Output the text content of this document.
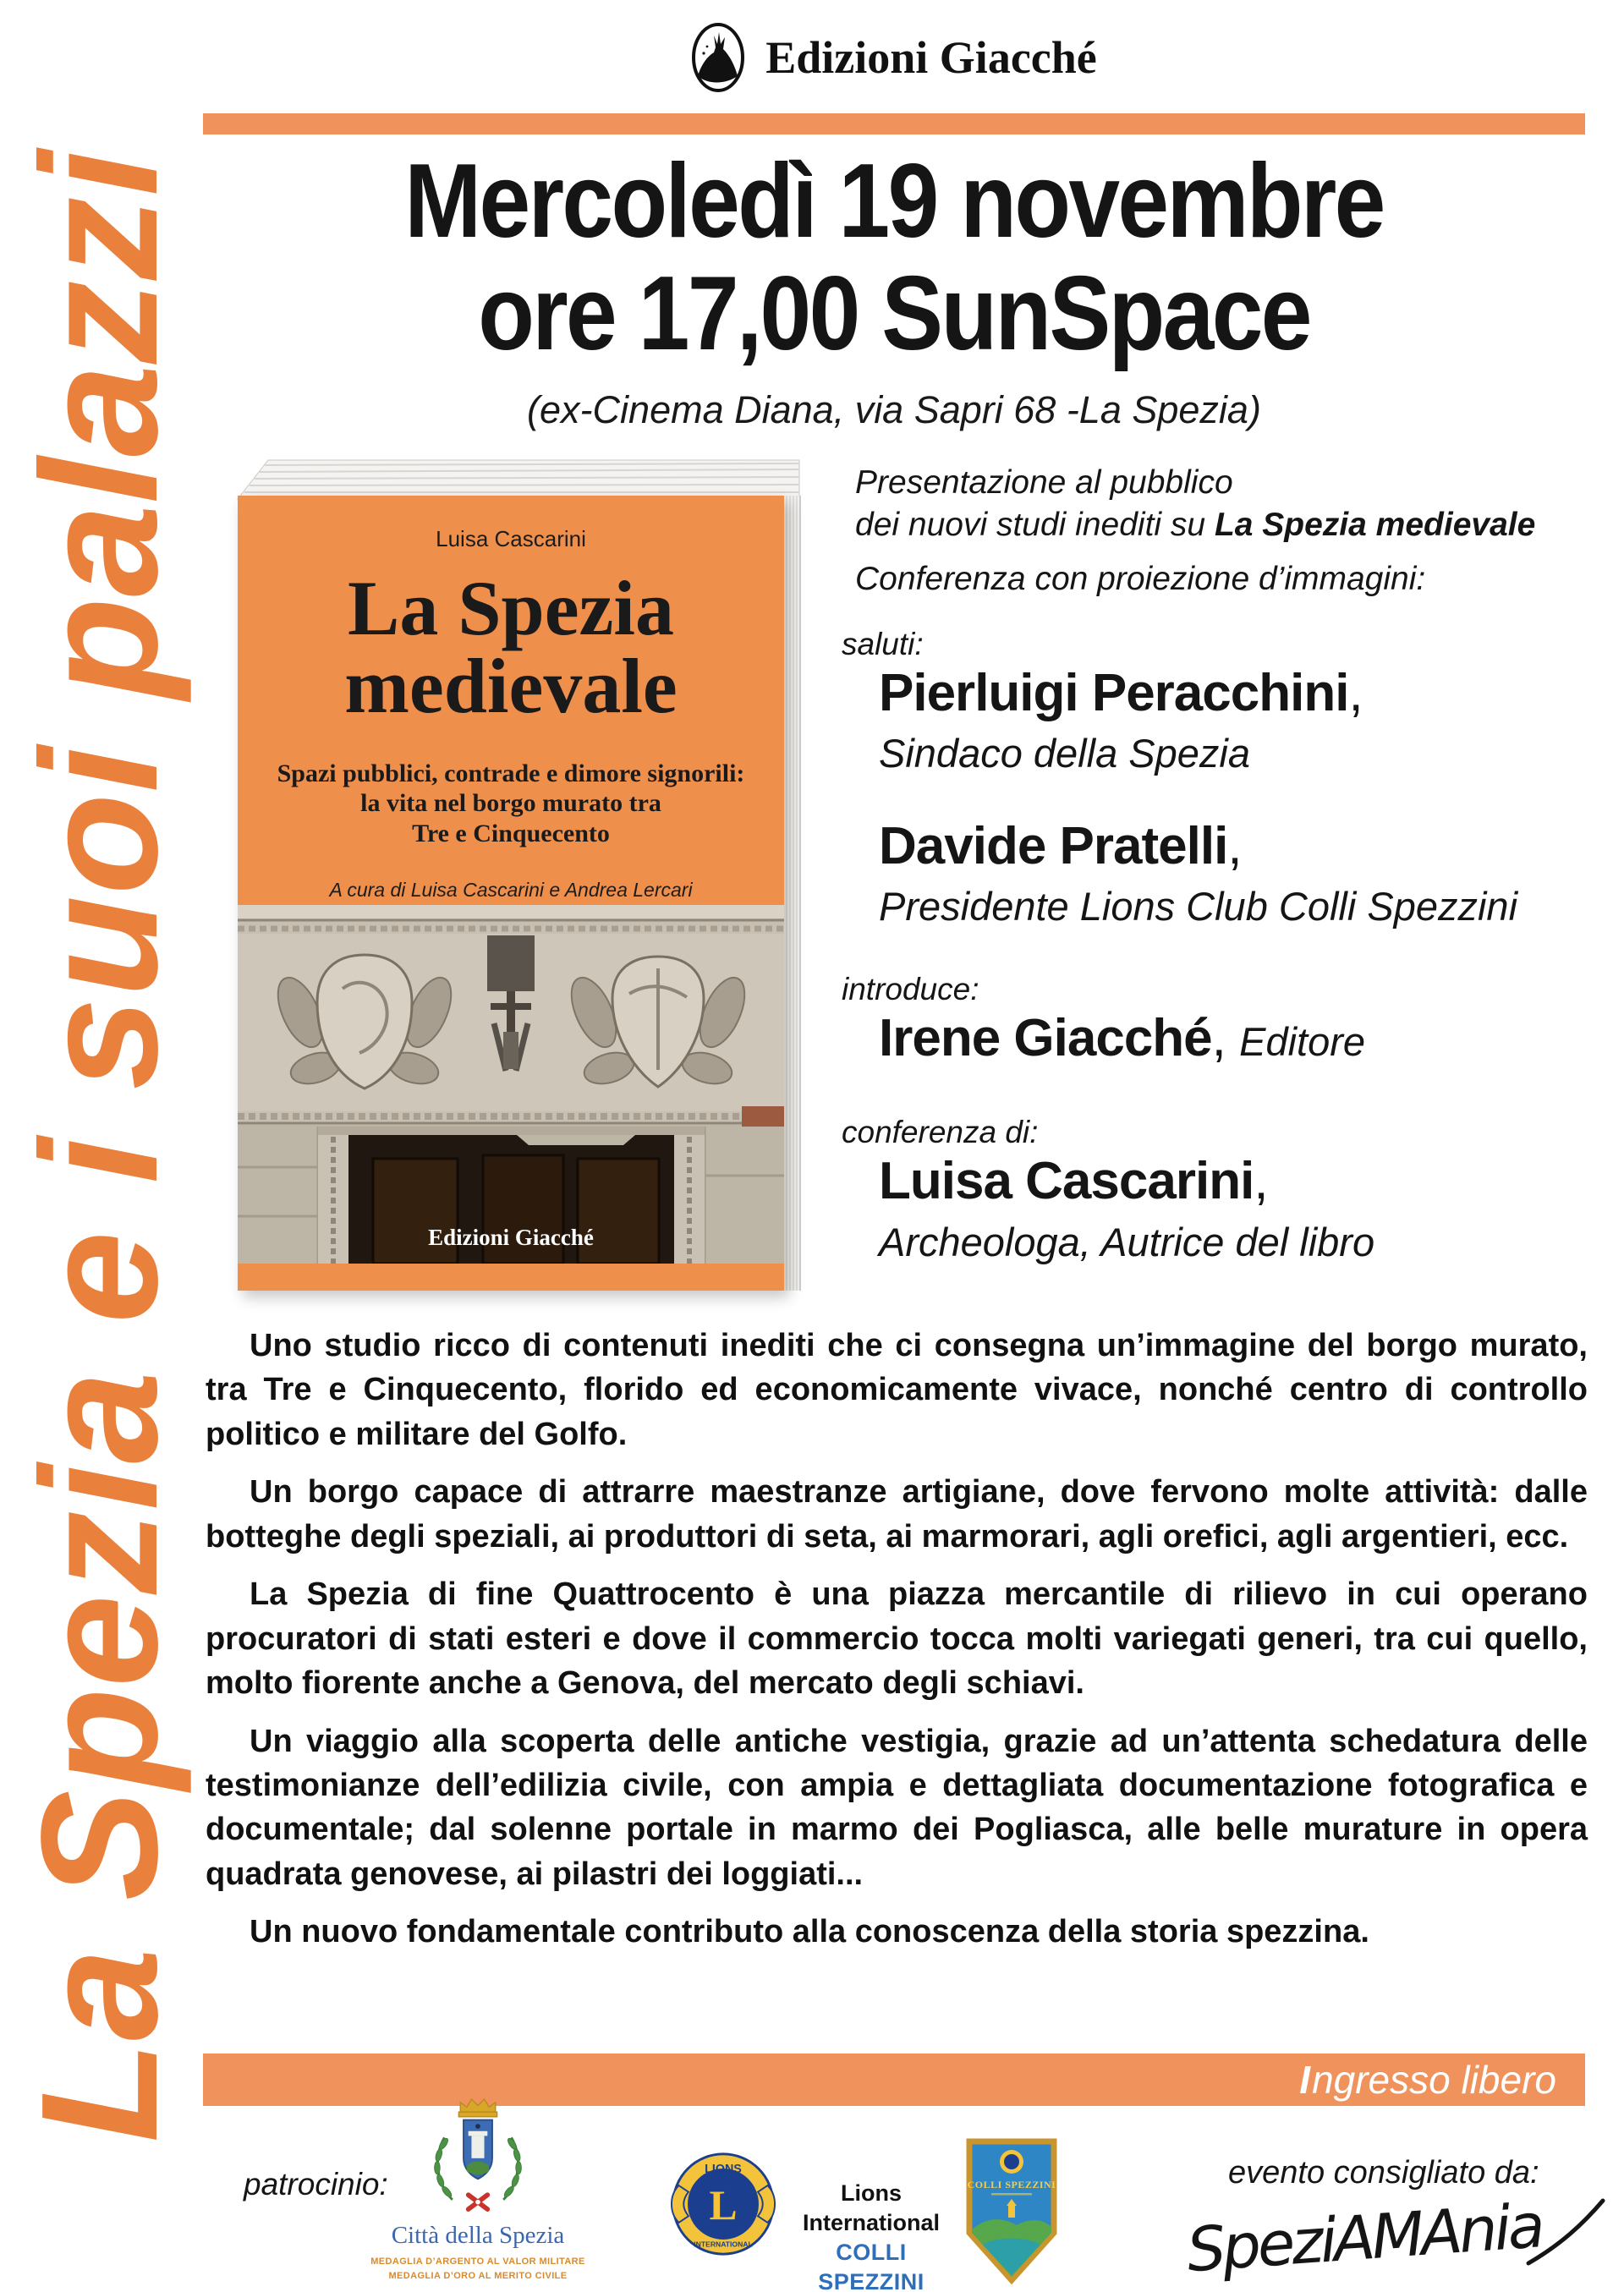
La Spezia e i suoi palazzi
Edizioni Giacché
Mercoledì 19 novembre
ore 17,00 SunSpace
(ex-Cinema Diana, via Sapri 68 -La Spezia)
Luisa Cascarini
La Spezia
medievale
Spazi pubblici, contrade e dimore signorili:
la vita nel borgo murato tra
Tre e Cinquecento
A cura di Luisa Cascarini e Andrea Lercari
Edizioni Giacché

Presentazione al pubblico
dei nuovi studi inediti su La Spezia medievale

Conferenza con proiezione d’immagini:

saluti:

Pierluigi Peracchini,

Sindaco della Spezia

Davide Pratelli,

Presidente Lions Club Colli Spezzini

introduce:

Irene Giacché, Editore

conferenza di:

Luisa Cascarini,

Archeologa, Autrice del libro

Uno studio ricco di contenuti inediti che ci consegna un’immagine del borgo murato, tra Tre e Cinquecento, florido ed economicamente vivace, nonché centro di controllo politico e militare del Golfo.

Un borgo capace di attrarre maestranze artigiane, dove fervono molte attività: dalle botteghe degli speziali, ai produttori di seta, ai marmorari, agli orefici, agli argentieri, ecc.

La Spezia di fine Quattrocento è una piazza mercantile di rilievo in cui operano procuratori di stati esteri e dove il commercio tocca molti variegati generi, tra cui quello, molto fiorente anche a Genova, del mercato degli schiavi.

Un viaggio alla scoperta delle antiche vestigia, grazie ad un’attenta schedatura delle testimonianze dell’edilizia civile, con ampia e dettagliata documentazione fotografica e documentale; dal solenne portale in marmo dei Pogliasca, alle belle murature in opera quadrata genovese, ai pilastri dei loggiati...

Un nuovo fondamentale contributo alla conoscenza della storia spezzina.

I ngresso libero
patrocinio:
Città della Spezia
MEDAGLIA D’ARGENTO AL VALOR MILITARE
MEDAGLIA D’ORO AL MERITO CIVILE
LIONS
INTERNATIONAL
L	Lions International
COLLI SPEZZINI
COLLI SPEZZINI	evento consigliato da:
SpeziAMAnia
